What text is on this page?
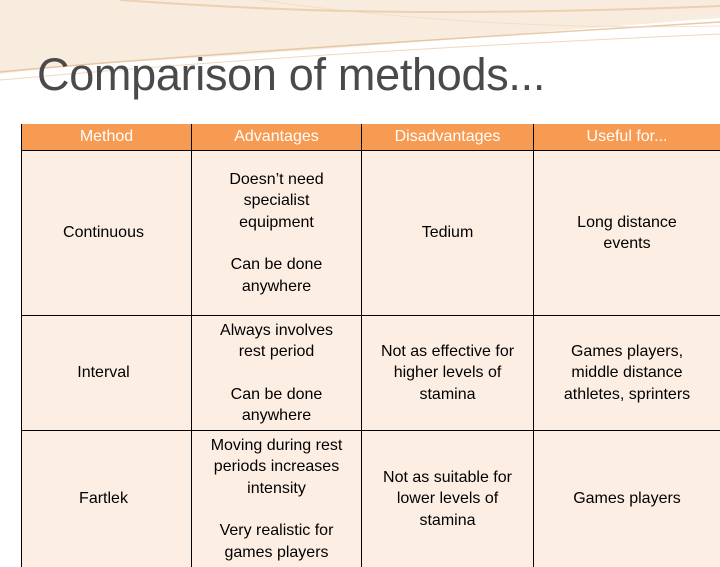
Comparison of methods...
Method	Advantages	Disadvantages	Useful for...
Continuous	Doesn’t need
specialist
equipment
Can be done
anywhere	Tedium	Long distance
events

Interval	Always involves
rest period
Can be done
anywhere	Not as effective for
higher levels of
stamina	Games players,
middle distance
athletes, sprinters

Fartlek	Moving during rest
periods increases
intensity
Very realistic for
games players	Not as suitable for
lower levels of
stamina	Games players
